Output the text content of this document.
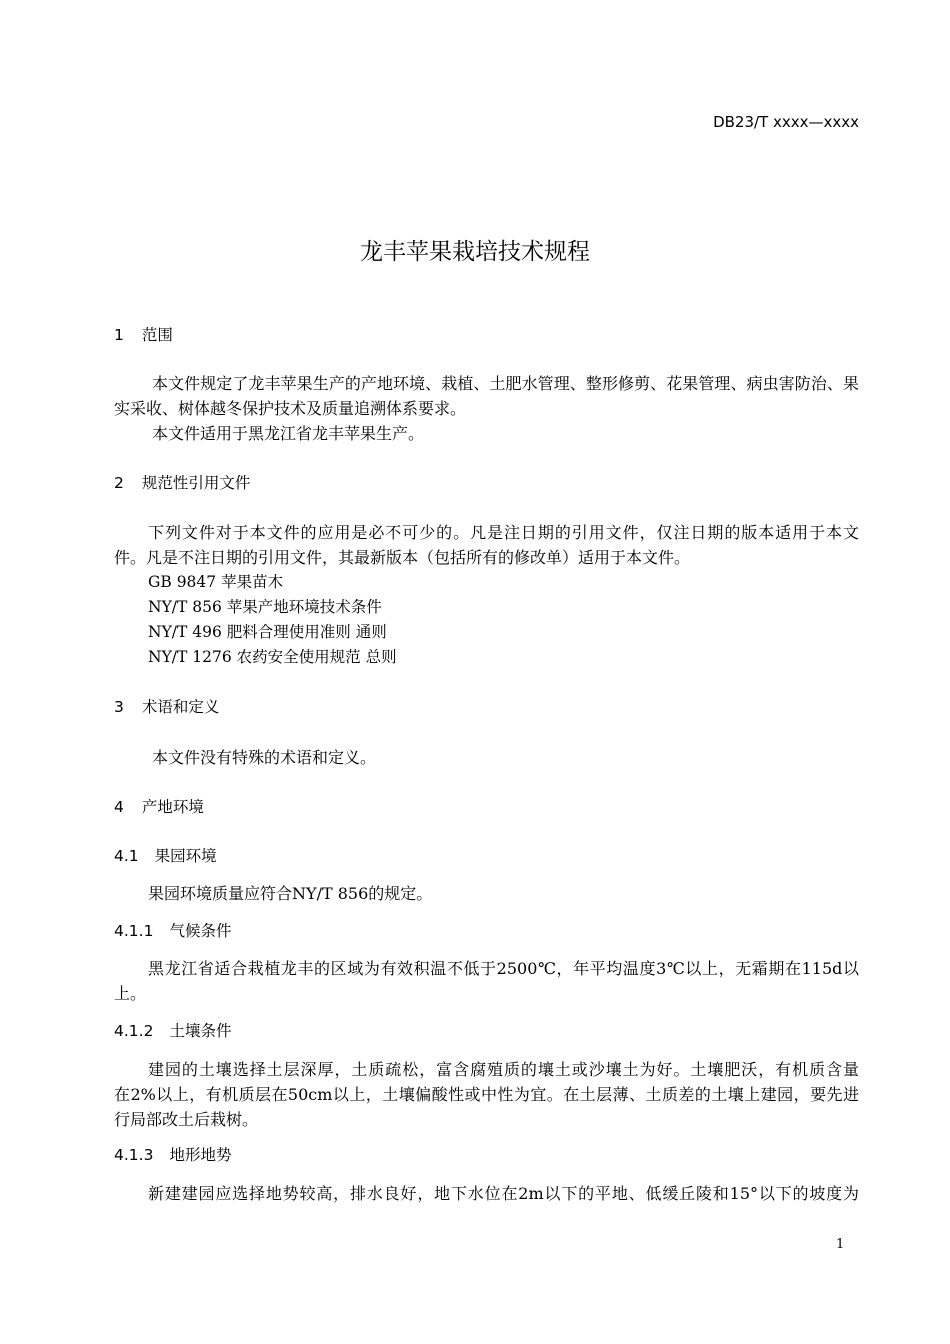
DB23/T xxxx—xxxx
龙丰苹果栽培技术规程
1 范围
本文件规定了龙丰苹果生产的产地环境、栽植、土肥水管理、整形修剪、花果管理、病虫害防治、果
实采收、树体越冬保护技术及质量追溯体系要求。
本文件适用于黑龙江省龙丰苹果生产。
2 规范性引用文件
下列文件对于本文件的应用是必不可少的。凡是注日期的引用文件，仅注日期的版本适用于本文
件。凡是不注日期的引用文件，其最新版本（包括所有的修改单）适用于本文件。
GB 9847 苹果苗木
NY/T 856 苹果产地环境技术条件
NY/T 496 肥料合理使用准则 通则
NY/T 1276 农药安全使用规范 总则
3 术语和定义
本文件没有特殊的术语和定义。
4 产地环境
4.1 果园环境
果园环境质量应符合NY/T 856的规定。
4.1.1 气候条件
黑龙江省适合栽植龙丰的区域为有效积温不低于2500℃，年平均温度3℃以上，无霜期在115d以
上。
4.1.2 土壤条件
建园的土壤选择土层深厚，土质疏松，富含腐殖质的壤土或沙壤土为好。土壤肥沃，有机质含量
在2%以上，有机质层在50cm以上，土壤偏酸性或中性为宜。在土层薄、土质差的土壤上建园，要先进
行局部改土后栽树。
4.1.3 地形地势
新建建园应选择地势较高，排水良好，地下水位在2m以下的平地、低缓丘陵和15°以下的坡度为
1
